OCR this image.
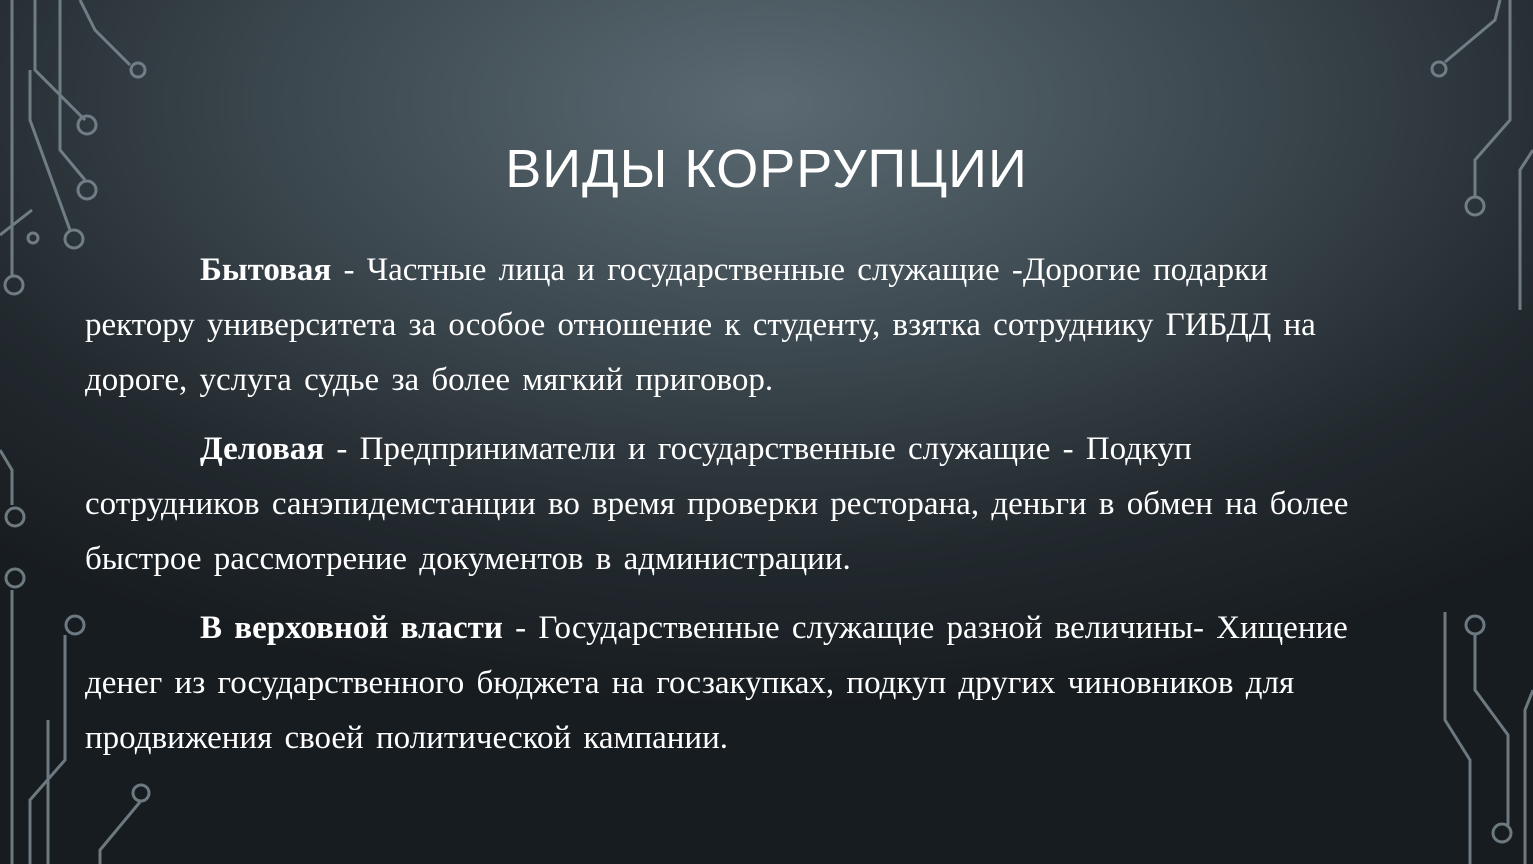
ВИДЫ КОРРУПЦИИ

Бытовая - Частные лица и государственные служащие -Дорогие подарки ректору университета за особое отношение к студенту, взятка сотруднику ГИБДД на дороге, услуга судье за более мягкий приговор.

Деловая - Предприниматели и государственные служащие - Подкуп сотрудников санэпидемстанции во время проверки ресторана, деньги в обмен на более быстрое рассмотрение документов в администрации.

В верховной власти - Государственные служащие разной величины- Хищение денег из государственного бюджета на госзакупках, подкуп других чиновников для продвижения своей политической кампании.
